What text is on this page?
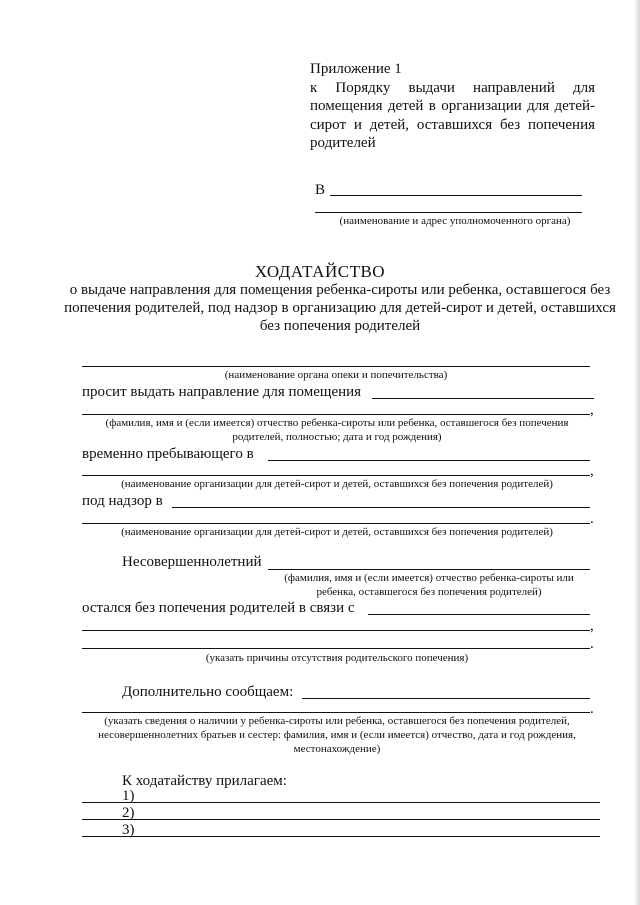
Приложение 1
к Порядку выдачи направлений для помещения детей в организации для детей-сирот и детей, оставшихся без попечения родителей
В
(наименование и адрес уполномоченного органа)
ХОДАТАЙСТВО
о выдаче направления для помещения ребенка-сироты или ребенка, оставшегося без попечения родителей, под надзор в организацию для детей-сирот и детей, оставшихся без попечения родителей
(наименование органа опеки и попечительства)
просит выдать направление для помещения
,
(фамилия, имя и (если имеется) отчество ребенка-сироты или ребенка, оставшегося без попечения родителей, полностью; дата и год рождения)
временно пребывающего в
,
(наименование организации для детей-сирот и детей, оставшихся без попечения родителей)
под надзор в
.
(наименование организации для детей-сирот и детей, оставшихся без попечения родителей)
Несовершеннолетний
(фамилия, имя и (если имеется) отчество ребенка-сироты или ребенка, оставшегося без попечения родителей)
остался без попечения родителей в связи с
,
.
(указать причины отсутствия родительского попечения)
Дополнительно сообщаем:
.
(указать сведения о наличии у ребенка-сироты или ребенка, оставшегося без попечения родителей, несовершеннолетних братьев и сестер: фамилия, имя и (если имеется) отчество, дата и год рождения, местонахождение)
К ходатайству прилагаем:
1)
2)
3)
